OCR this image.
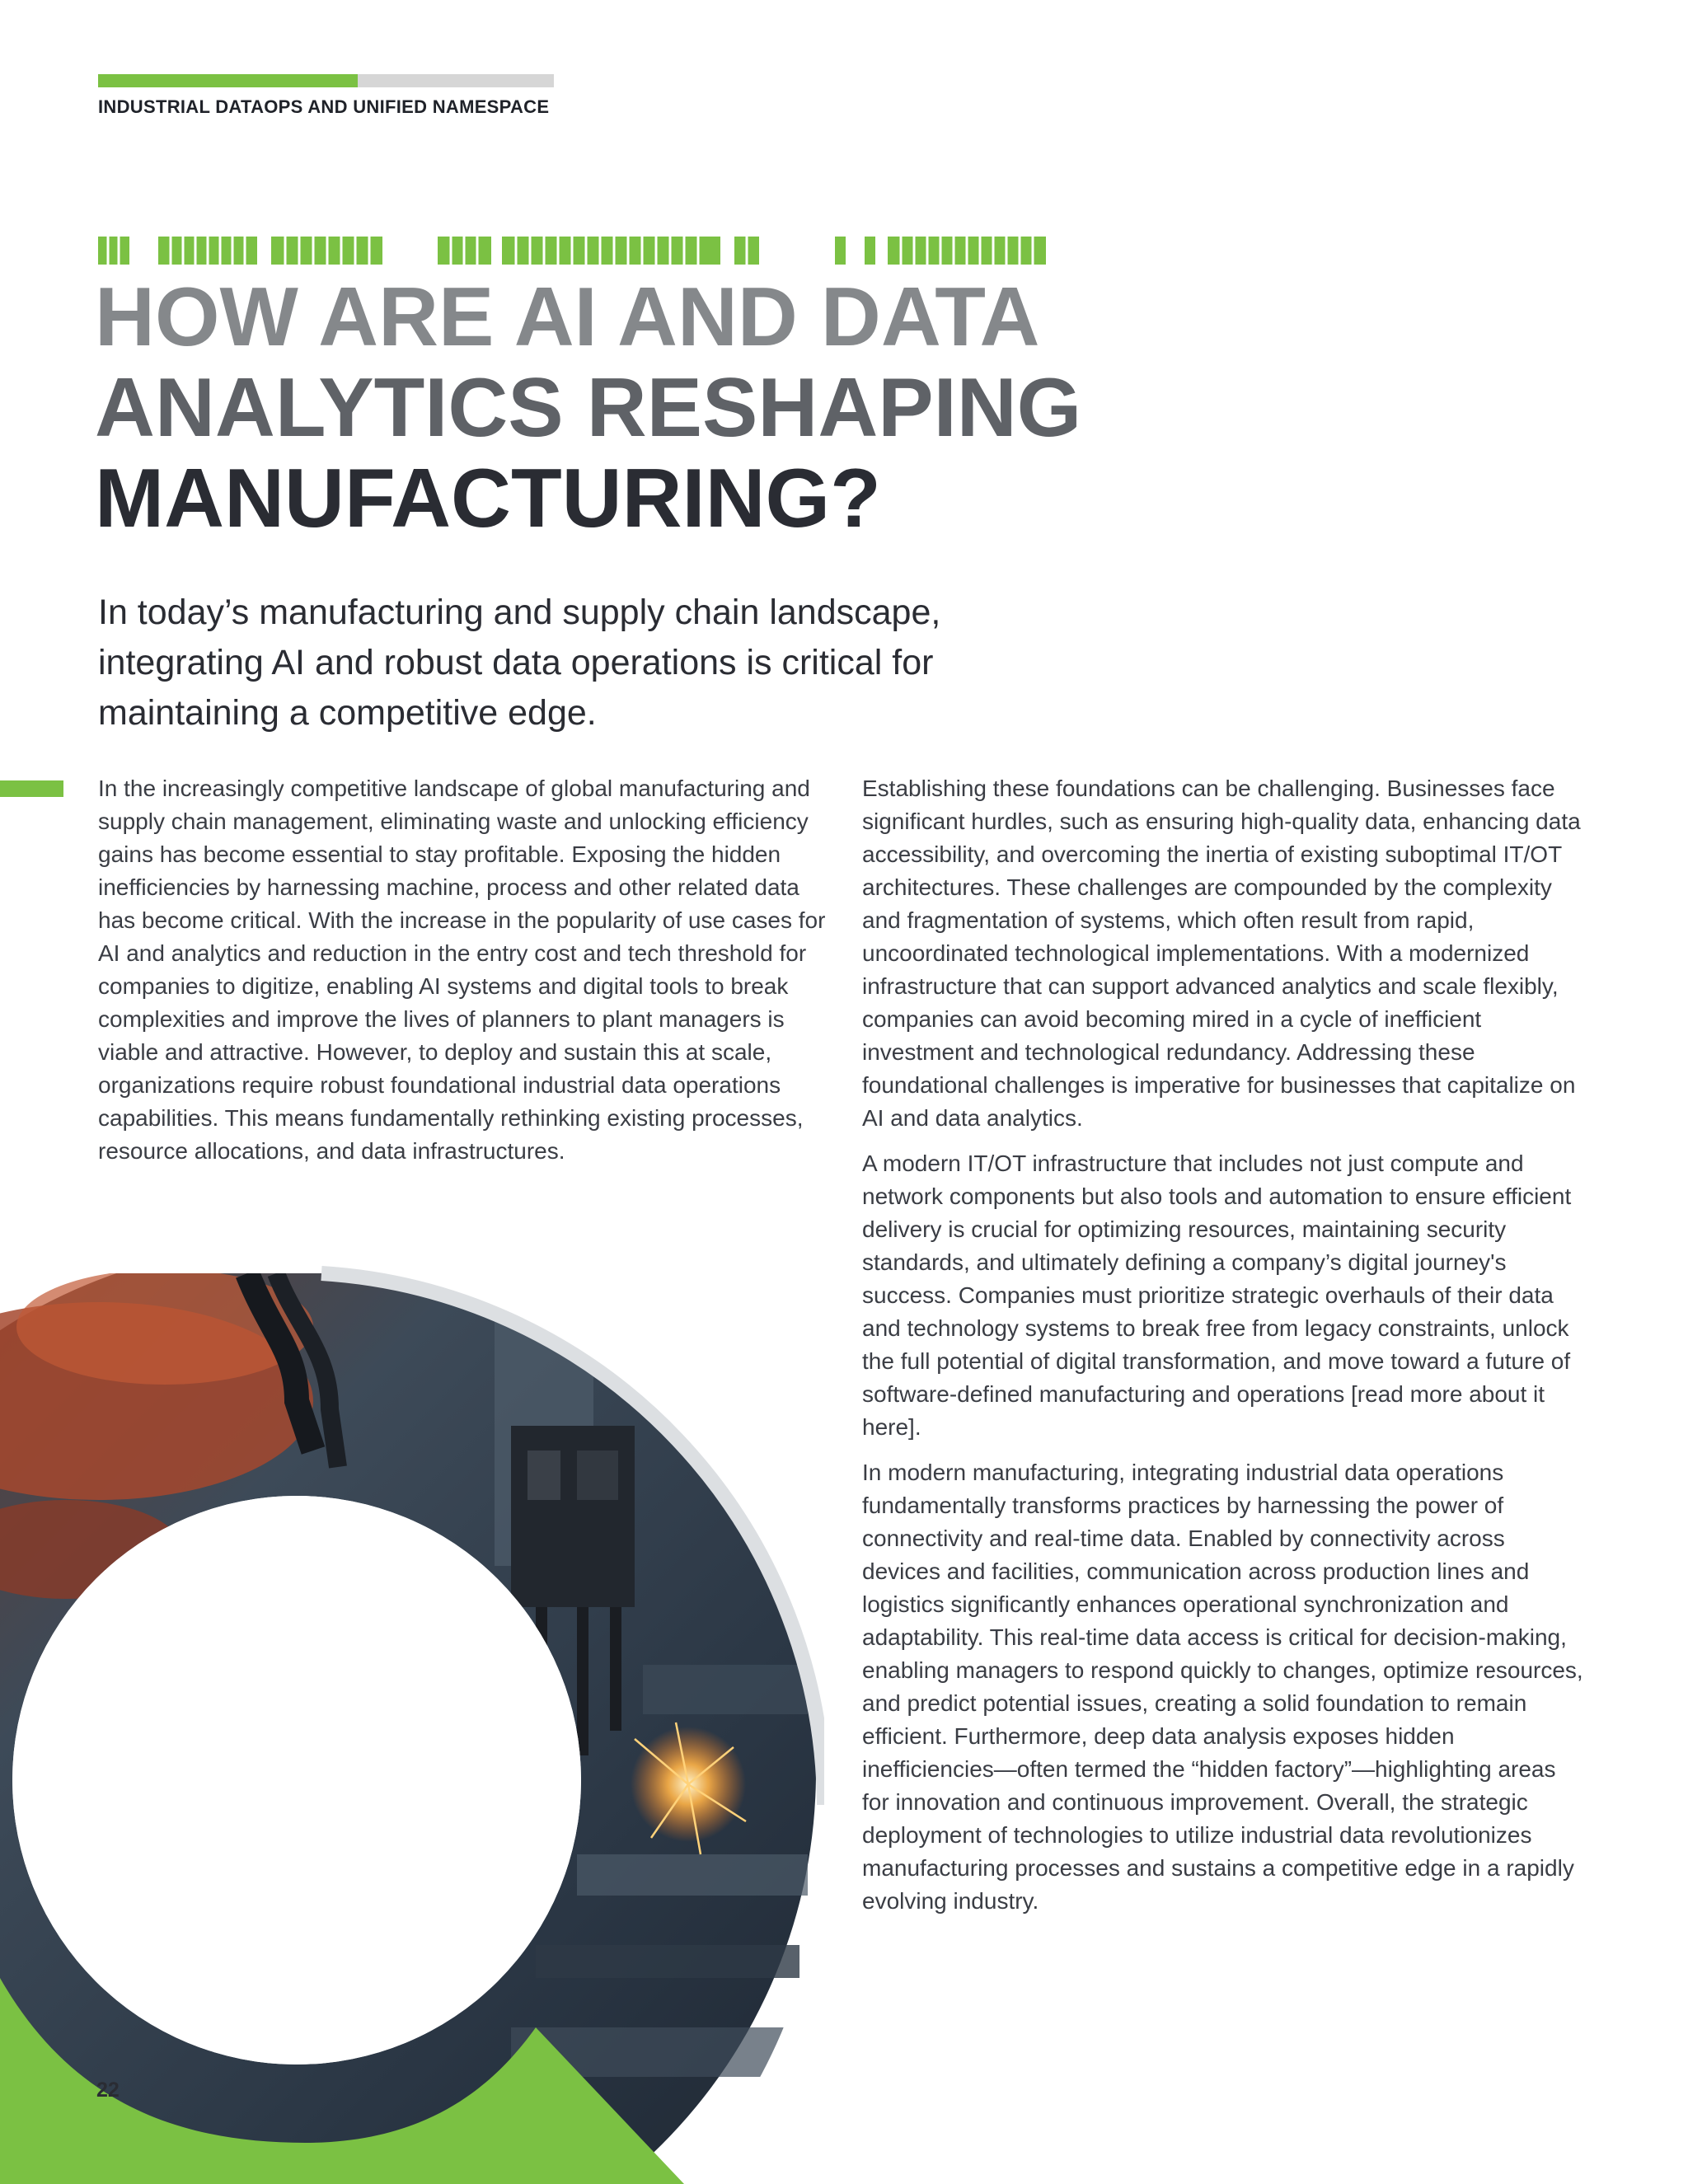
INDUSTRIAL DATAOPS AND UNIFIED NAMESPACE
HOW ARE AI AND DATA
ANALYTICS RESHAPING
MANUFACTURING?

In today’s manufacturing and supply chain landscape, integrating AI and robust data operations is critical for maintaining a competitive edge.

In the increasingly competitive landscape of global manufacturing and supply chain management, eliminating waste and unlocking efficiency gains has become essential to stay profitable. Exposing the hidden inefficiencies by harnessing machine, process and other related data has become critical. With the increase in the popularity of use cases for AI and analytics and reduction in the entry cost and tech threshold for companies to digitize, enabling AI systems and digital tools to break complexities and improve the lives of planners to plant managers is viable and attractive. However, to deploy and sustain this at scale, organizations require robust foundational industrial data operations capabilities. This means fundamentally rethinking existing processes, resource allocations, and data infrastructures.

Establishing these foundations can be challenging. Businesses face significant hurdles, such as ensuring high-quality data, enhancing data accessibility, and overcoming the inertia of existing suboptimal IT/OT architectures. These challenges are compounded by the complexity and fragmentation of systems, which often result from rapid, uncoordinated technological implementations. With a modernized infrastructure that can support advanced analytics and scale flexibly, companies can avoid becoming mired in a cycle of inefficient investment and technological redundancy. Addressing these foundational challenges is imperative for businesses that capitalize on AI and data analytics.

A modern IT/OT infrastructure that includes not just compute and network components but also tools and automation to ensure efficient delivery is crucial for optimizing resources, maintaining security standards, and ultimately defining a company’s digital journey's success. Companies must prioritize strategic overhauls of their data and technology systems to break free from legacy constraints, unlock the full potential of digital transformation, and move toward a future of software-defined manufacturing and operations [read more about it here].

In modern manufacturing, integrating industrial data operations fundamentally transforms practices by harnessing the power of connectivity and real-time data. Enabled by connectivity across devices and facilities, communication across production lines and logistics significantly enhances operational synchronization and adaptability. This real-time data access is critical for decision-making, enabling managers to respond quickly to changes, optimize resources, and predict potential issues, creating a solid foundation to remain efficient. Furthermore, deep data analysis exposes hidden inefficiencies—often termed the “hidden factory”—highlighting areas for innovation and continuous improvement. Overall, the strategic deployment of technologies to utilize industrial data revolutionizes manufacturing processes and sustains a competitive edge in a rapidly evolving industry.

22
